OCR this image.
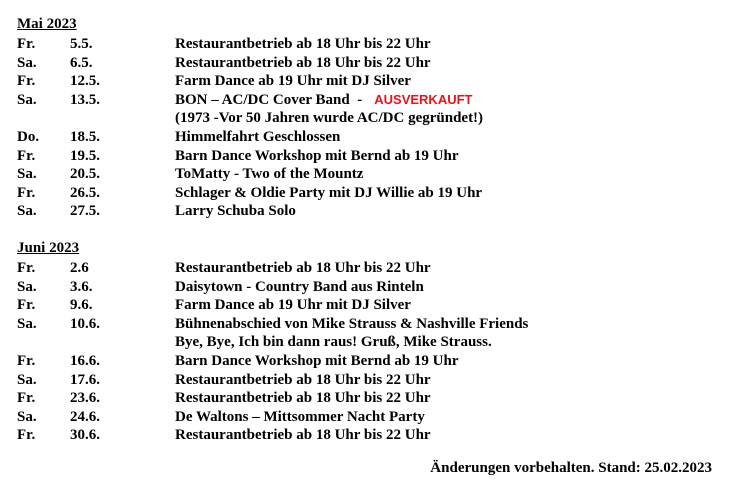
Mai 2023
Fr. 5.5.	Restaurantbetrieb ab 18 Uhr bis 22 Uhr
Sa. 6.5.	Restaurantbetrieb ab 18 Uhr bis 22 Uhr
Fr. 12.5.	Farm Dance ab 19 Uhr mit DJ Silver
Sa. 13.5.	BON – AC/DC Cover Band  - AUSVERKAUFT
(1973 -Vor 50 Jahren wurde AC/DC gegründet!)
Do. 18.5.	Himmelfahrt Geschlossen
Fr. 19.5.	Barn Dance Workshop mit Bernd ab 19 Uhr
Sa. 20.5.	ToMatty - Two of the Mountz
Fr. 26.5.	Schlager & Oldie Party mit DJ Willie ab 19 Uhr
Sa. 27.5.	Larry Schuba Solo
Juni 2023
Fr. 2.6	Restaurantbetrieb ab 18 Uhr bis 22 Uhr
Sa. 3.6.	Daisytown - Country Band aus Rinteln
Fr. 9.6.	Farm Dance ab 19 Uhr mit DJ Silver
Sa. 10.6.	Bühnenabschied von Mike Strauss & Nashville Friends
Bye, Bye, Ich bin dann raus! Gruß, Mike Strauss.
Fr. 16.6.	Barn Dance Workshop mit Bernd ab 19 Uhr
Sa. 17.6.	Restaurantbetrieb ab 18 Uhr bis 22 Uhr
Fr. 23.6.	Restaurantbetrieb ab 18 Uhr bis 22 Uhr
Sa. 24.6.	De Waltons – Mittsommer Nacht Party
Fr. 30.6.	Restaurantbetrieb ab 18 Uhr bis 22 Uhr
Änderungen vorbehalten. Stand: 25.02.2023
